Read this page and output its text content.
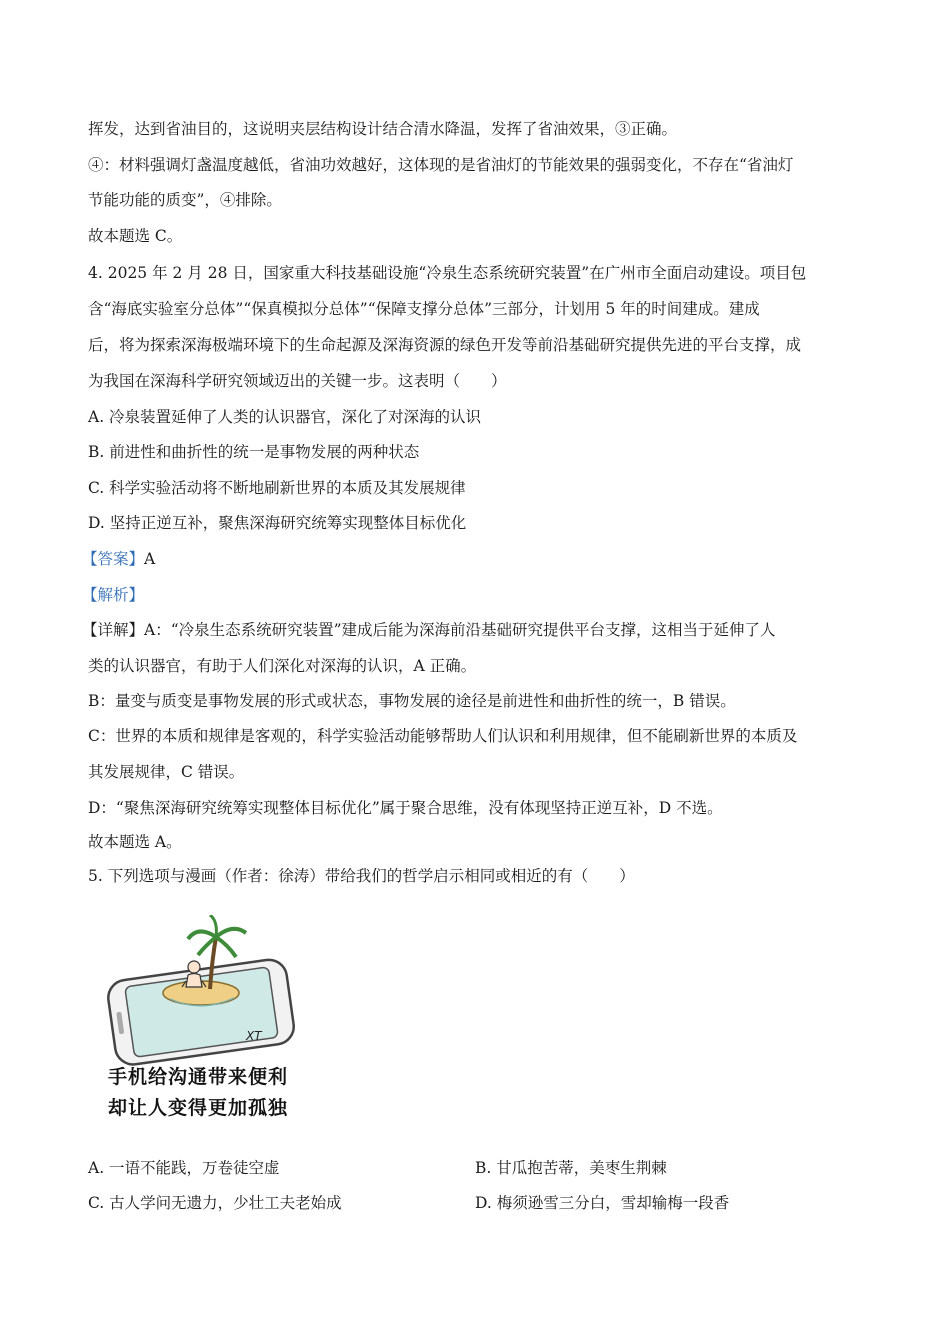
挥发，达到省油目的，这说明夹层结构设计结合清水降温，发挥了省油效果，③正确。
④：材料强调灯盏温度越低，省油功效越好，这体现的是省油灯的节能效果的强弱变化，不存在“省油灯
节能功能的质变”，④排除。
故本题选 C。
4. 2025 年 2 月 28 日，国家重大科技基础设施“冷泉生态系统研究装置”在广州市全面启动建设。项目包
含“海底实验室分总体”“保真模拟分总体”“保障支撑分总体”三部分，计划用 5 年的时间建成。建成
后，将为探索深海极端环境下的生命起源及深海资源的绿色开发等前沿基础研究提供先进的平台支撑，成
为我国在深海科学研究领域迈出的关键一步。这表明（　　）
A. 冷泉装置延伸了人类的认识器官，深化了对深海的认识
B. 前进性和曲折性的统一是事物发展的两种状态
C. 科学实验活动将不断地刷新世界的本质及其发展规律
D. 坚持正逆互补，聚焦深海研究统筹实现整体目标优化
【答案】A
【解析】
【详解】A：“冷泉生态系统研究装置”建成后能为深海前沿基础研究提供平台支撑，这相当于延伸了人
类的认识器官，有助于人们深化对深海的认识，A 正确。
B：量变与质变是事物发展的形式或状态，事物发展的途径是前进性和曲折性的统一，B 错误。
C：世界的本质和规律是客观的，科学实验活动能够帮助人们认识和利用规律，但不能刷新世界的本质及
其发展规律，C 错误。
D：“聚焦深海研究统筹实现整体目标优化”属于聚合思维，没有体现坚持正逆互补，D 不选。
故本题选 A。
5. 下列选项与漫画（作者：徐涛）带给我们的哲学启示相同或相近的有（　　）
XT
手机给沟通带来便利
却让人变得更加孤独
A. 一语不能践，万卷徒空虚	B. 甘瓜抱苦蒂，美枣生荆棘
C. 古人学问无遗力，少壮工夫老始成	D. 梅须逊雪三分白，雪却输梅一段香
